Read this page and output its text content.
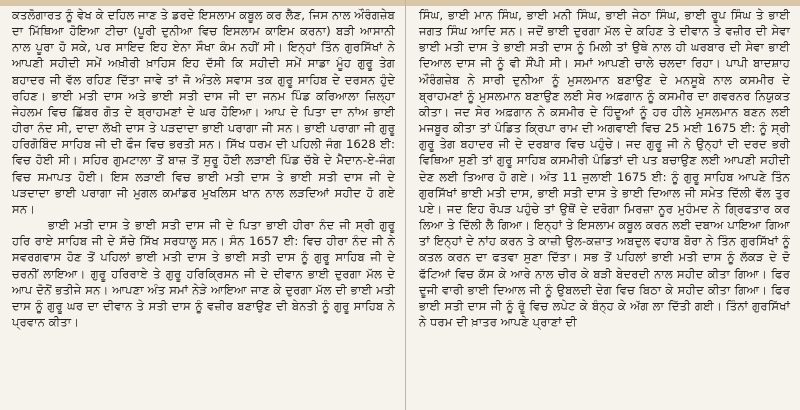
ਕਤਲੋਗਾਰਤ ਨੂੰ ਵੇਖ ਕੇ ਦਹਿਲ ਜਾਣ ਤੇ ਡਰਦੇ ਇਸਲਾਮ ਕਬੂਲ ਕਰ ਲੈਣ, ਜਿਸ ਨਾਲ ਔਰੰਗਜ਼ੇਬ ਦਾ ਮਿੱਥਿਆ ਹੋਇਆ ਟੀਚਾ (ਪੂਰੀ ਦੁਨੀਆ ਵਿਚ ਇਸਲਾਮ ਕਾਇਮ ਕਰਨਾ) ਬੜੀ ਆਸਾਨੀ ਨਾਲ ਪੂਰਾ ਹੋ ਸਕੇ, ਪਰ ਸਾਇਦ ਇਹ ਏਨਾ ਸੌਖਾ ਕੰਮ ਨਹੀਂ ਸੀ। ਇਨ੍ਹਾਂ ਤਿੰਨ ਗੁਰਸਿੱਖਾਂ ਨੇ ਆਪਣੀ ਸਹੀਦੀ ਸਮੇਂ ਅਖ਼ੀਰੀ ਖ਼ਾਹਿਸ ਇਹ ਦੱਸੀ ਕਿ ਸਹੀਦੀ ਸਮੇਂ ਸਾਡਾ ਮੂੰਹ ਗੁਰੂ ਤੇਗ ਬਹਾਦਰ ਜੀ ਵੱਲ ਰਹਿਣ ਦਿੱਤਾ ਜਾਵੇ ਤਾਂ ਜੋ ਅੰਤਲੇ ਸਵਾਸ ਤਕ ਗੁਰੂ ਸਾਹਿਬ ਦੇ ਦਰਸਨ ਹੁੰਦੇ ਰਹਿਣ। ਭਾਈ ਮਤੀ ਦਾਸ ਅਤੇ ਭਾਈ ਸਤੀ ਦਾਸ ਜੀ ਦਾ ਜਨਮ ਪਿੰਡ ਕਰਿਆਲਾ ਜ਼ਿਲ੍ਹਾ ਜੇਹਲਮ ਵਿਚ ਛਿੱਬਰ ਗੋਤ ਦੇ ਬ੍ਰਾਹਮਣਾਂ ਦੇ ਘਰ ਹੋਇਆ। ਆਪ ਦੇ ਪਿਤਾ ਦਾ ਨਾਂਅ ਭਾਈ ਹੀਰਾ ਨੰਦ ਸੀ, ਦਾਦਾ ਲੱਖੀ ਦਾਸ ਤੇ ਪੜਦਾਦਾ ਭਾਈ ਪਰਾਗਾ ਜੀ ਸਨ। ਭਾਈ ਪਰਾਗਾ ਜੀ ਗੁਰੂ ਹਰਿਗੋਬਿੰਦ ਸਾਹਿਬ ਜੀ ਦੀ ਫੌਜ ਵਿਚ ਭਰਤੀ ਸਨ। ਸਿੱਖ ਧਰਮ ਦੀ ਪਹਿਲੀ ਜੰਗ 1628 ਈ: ਵਿਚ ਹੋਈ ਸੀ। ਸਹਿਰ ਗੁਮਟਾਲਾ ਤੋਂ ਬਾਜ਼ ਤੋਂ ਸੁਰੂ ਹੋਈ ਲੜਾਈ ਪਿੰਡ ਚੱਬੇ ਦੇ ਮੈਦਾਨ-ਏ-ਜੰਗ ਵਿਚ ਸਮਾਪਤ ਹੋਈ। ਇਸ ਲੜਾਈ ਵਿਚ ਭਾਈ ਮਤੀ ਦਾਸ ਤੇ ਭਾਈ ਸਤੀ ਦਾਸ ਜੀ ਦੇ ਪੜਦਾਦਾ ਭਾਈ ਪਰਾਗਾ ਜੀ ਮੁਗਲ ਕਮਾਂਡਰ ਮੁਖਲਿਸ ਖਾਨ ਨਾਲ ਲੜਦਿਆਂ ਸਹੀਦ ਹੋ ਗਏ ਸਨ।

ਭਾਈ ਮਤੀ ਦਾਸ ਤੇ ਭਾਈ ਸਤੀ ਦਾਸ ਜੀ ਦੇ ਪਿਤਾ ਭਾਈ ਹੀਰਾ ਨੰਦ ਜੀ ਸ੍ਰੀ ਗੁਰੂ ਹਰਿ ਰਾਏ ਸਾਹਿਬ ਜੀ ਦੇ ਸੱਚੇ ਸਿੱਖ ਸਰਧਾਲੂ ਸਨ। ਸੰਨ 1657 ਈ: ਵਿਚ ਹੀਰਾ ਨੰਦ ਜੀ ਨੇ ਸਵਰਗਵਾਸ ਹੋਣ ਤੋਂ ਪਹਿਲਾਂ ਭਾਈ ਮਤੀ ਦਾਸ ਤੇ ਭਾਈ ਸਤੀ ਦਾਸ ਨੂੰ ਗੁਰੂ ਸਾਹਿਬ ਜੀ ਦੇ ਚਰਨੀਂ ਲਾਇਆ। ਗੁਰੂ ਹਰਿਰਾਏ ਤੇ ਗੁਰੂ ਹਰਿਕ੍ਰਿਸਨ ਜੀ ਦੇ ਦੀਵਾਨ ਭਾਈ ਦੁਰਗਾ ਮੱਲ ਦੇ ਆਪ ਦੋਨੋਂ ਭਤੀਜੇ ਸਨ। ਆਪਣਾ ਅੰਤ ਸਮਾਂ ਨੇੜੇ ਆਇਆ ਜਾਣ ਕੇ ਦੁਰਗਾ ਮੱਲ ਦੀ ਭਾਈ ਮਤੀ ਦਾਸ ਨੂੰ ਗੁਰੂ ਘਰ ਦਾ ਦੀਵਾਨ ਤੇ ਸਤੀ ਦਾਸ ਨੂੰ ਵਜ਼ੀਰ ਬਣਾਉਣ ਦੀ ਬੇਨਤੀ ਨੂੰ ਗੁਰੂ ਸਾਹਿਬ ਨੇ ਪ੍ਰਵਾਨ ਕੀਤਾ।

ਸਿੰਘ, ਭਾਈ ਮਾਨ ਸਿੰਘ, ਭਾਈ ਮਨੀ ਸਿੰਘ, ਭਾਈ ਜੇਠਾ ਸਿੰਘ, ਭਾਈ ਰੂਪ ਸਿੰਘ ਤੇ ਭਾਈ ਜਗਤ ਸਿੰਘ ਆਦਿ ਸਨ। ਜਦੋਂ ਭਾਈ ਦੁਰਗਾ ਮੱਲ ਦੇ ਕਹਿਣ ਤੇ ਦੀਵਾਨ ਤੇ ਵਜ਼ੀਰ ਦੀ ਸੇਵਾ ਭਾਈ ਮਤੀ ਦਾਸ ਤੇ ਭਾਈ ਸਤੀ ਦਾਸ ਨੂੰ ਮਿਲੀ ਤਾਂ ਉਥੇ ਨਾਲ ਹੀ ਘਰਬਾਰ ਦੀ ਸੇਵਾ ਭਾਈ ਦਿਆਲ ਦਾਸ ਜੀ ਨੂੰ ਵੀ ਸੌਂਪੀ ਸੀ। ਸਮਾਂ ਆਪਣੀ ਚਾਲੇ ਚਲਦਾ ਰਿਹਾ। ਪਾਪੀ ਬਾਦਸ਼ਾਹ ਔਰੰਗਜ਼ੇਬ ਨੇ ਸਾਰੀ ਦੁਨੀਆ ਨੂੰ ਮੁਸਲਮਾਨ ਬਣਾਉਣ ਦੇ ਮਨਸੂਬੇ ਨਾਲ ਕਸਮੀਰ ਦੇ ਬ੍ਰਾਹਮਣਾਂ ਨੂੰ ਮੁਸਲਮਾਨ ਬਣਾਉਣ ਲਈ ਸੇਰ ਅਫ਼ਗਾਨ ਨੂੰ ਕਸਮੀਰ ਦਾ ਗਵਰਨਰ ਨਿਯੁਕਤ ਕੀਤਾ। ਜਦ ਸੇਰ ਅਫ਼ਗਾਨ ਨੇ ਕਸਮੀਰ ਦੇ ਹਿੰਦੂਆਂ ਨੂੰ ਹਰ ਹੀਲੇ ਮੁਸਲਮਾਨ ਬਣਨ ਲਈ ਮਜਬੂਰ ਕੀਤਾ ਤਾਂ ਪੰਡਿਤ ਕ੍ਰਿਪਾ ਰਾਮ ਦੀ ਅਗਵਾਈ ਵਿਚ 25 ਮਈ 1675 ਈ: ਨੂੰ ਸ੍ਰੀ ਗੁਰੂ ਤੇਗ ਬਹਾਦਰ ਜੀ ਦੇ ਦਰਬਾਰ ਵਿਚ ਪਹੁੰਚੇ। ਜਦ ਗੁਰੂ ਜੀ ਨੇ ਉਨ੍ਹਾਂ ਦੀ ਦਰਦ ਭਰੀ ਵਿਥਿਆ ਸੁਣੀ ਤਾਂ ਗੁਰੂ ਸਾਹਿਬ ਕਸਮੀਰੀ ਪੰਡਿਤਾਂ ਦੀ ਪਤ ਬਚਾਉਣ ਲਈ ਆਪਣੀ ਸਹੀਦੀ ਦੇਣ ਲਈ ਤਿਆਰ ਹੋ ਗਏ। ਅੰਤ 11 ਜੁਲਾਈ 1675 ਈ: ਨੂੰ ਗੁਰੂ ਸਾਹਿਬ ਆਪਣੇ ਤਿੰਨ ਗੁਰਸਿੱਖਾਂ ਭਾਈ ਮਤੀ ਦਾਸ, ਭਾਈ ਸਤੀ ਦਾਸ ਤੇ ਭਾਈ ਦਿਆਲ ਜੀ ਸਮੇਤ ਦਿੱਲੀ ਵੱਲ ਤੁਰ ਪਏ। ਜਦ ਇਹ ਰੋਪੜ ਪਹੁੰਚੇ ਤਾਂ ਉਥੋਂ ਦੇ ਦਰੋਗਾ ਮਿਰਜ਼ਾ ਨੂਰ ਮੁਹੰਮਦ ਨੇ ਗ੍ਰਿਫਤਾਰ ਕਰ ਲਿਆ ਤੇ ਦਿੱਲੀ ਲੈ ਗਿਆ। ਇਨ੍ਹਾਂ ਤੇ ਇਸਲਾਮ ਕਬੂਲ ਕਰਨ ਲਈ ਦਬਾਅ ਪਾਇਆ ਗਿਆ ਤਾਂ ਇਨ੍ਹਾਂ ਦੇ ਨਾਂਹ ਕਰਨ ਤੇ ਕਾਜ਼ੀ ਉਲ-ਕਜ਼ਾਤ ਅਬਦੁਲ ਵਹਾਬ ਬੋਰਾ ਨੇ ਤਿੰਨ ਗੁਰਸਿੱਖਾਂ ਨੂੰ ਕਤਲ ਕਰਨ ਦਾ ਫਤਵਾ ਸੁਣਾ ਦਿੱਤਾ। ਸਭ ਤੋਂ ਪਹਿਲਾਂ ਭਾਈ ਮਤੀ ਦਾਸ ਨੂੰ ਲੱਕੜ ਦੇ ਦੋ ਫੱਟਿਆਂ ਵਿਚ ਕੱਸ ਕੇ ਆਰੇ ਨਾਲ ਚੀਰ ਕੇ ਬੜੀ ਬੇਦਰਦੀ ਨਾਲ ਸਹੀਦ ਕੀਤਾ ਗਿਆ। ਫਿਰ ਦੂਜੀ ਵਾਰੀ ਭਾਈ ਦਿਆਲ ਜੀ ਨੂੰ ਉਬਲਦੀ ਦੇਗ ਵਿਚ ਬਿਠਾ ਕੇ ਸਹੀਦ ਕੀਤਾ ਗਿਆ। ਫਿਰ ਭਾਈ ਸਤੀ ਦਾਸ ਜੀ ਨੂੰ ਰੂੰ ਵਿਚ ਲਪੇਟ ਕੇ ਬੰਨ੍ਹ ਕੇ ਅੱਗ ਲਾ ਦਿੱਤੀ ਗਈ। ਤਿੰਨਾਂ ਗੁਰਸਿੱਖਾਂ ਨੇ ਧਰਮ ਦੀ ਖ਼ਾਤਰ ਆਪਣੇ ਪ੍ਰਾਣਾਂ ਦੀ
